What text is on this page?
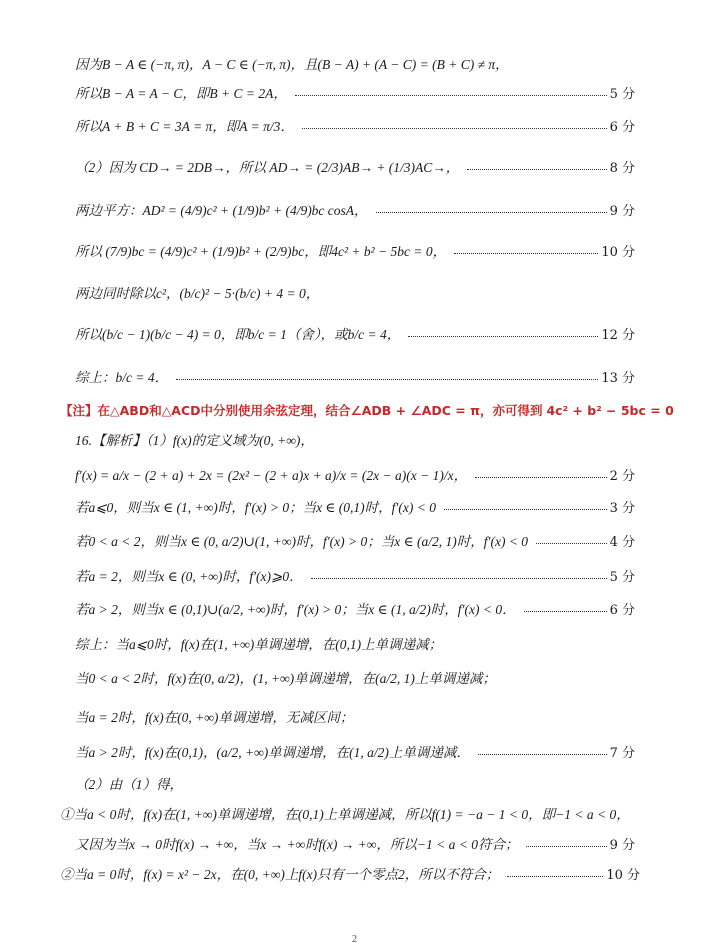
因为B − A ∈ (−π, π)，A − C ∈ (−π, π)，且(B − A) + (A − C) = (B + C) ≠ π，
所以B − A = A − C，即B + C = 2A，	5 分
所以A + B + C = 3A = π，即A = π/3．	6 分
（2）因为 CD→ = 2DB→，所以 AD→ = (2/3)AB→ + (1/3)AC→，	8 分
两边平方：AD² = (4/9)c² + (1/9)b² + (4/9)bc cosA，	9 分
所以 (7/9)bc = (4/9)c² + (1/9)b² + (2/9)bc，即4c² + b² − 5bc = 0，	10 分
两边同时除以c²，(b/c)² − 5·(b/c) + 4 = 0，
所以(b/c − 1)(b/c − 4) = 0，即b/c = 1（舍），或b/c = 4，	12 分
综上：b/c = 4．	13 分
【注】在△ABD和△ACD中分别使用余弦定理，结合∠ADB + ∠ADC = π，亦可得到 4c² + b² − 5bc = 0
16.【解析】（1）f(x)的定义域为(0, +∞)，
f′(x) = a/x − (2 + a) + 2x = (2x² − (2 + a)x + a)/x = (2x − a)(x − 1)/x，	2 分
若a⩽0，则当x ∈ (1, +∞)时，f′(x) > 0；当x ∈ (0,1)时，f′(x) < 0	3 分
若0 < a < 2，则当x ∈ (0, a/2)∪(1, +∞)时，f′(x) > 0；当x ∈ (a/2, 1)时，f′(x) < 0	4 分
若a = 2，则当x ∈ (0, +∞)时，f′(x)⩾0．	5 分
若a > 2，则当x ∈ (0,1)∪(a/2, +∞)时，f′(x) > 0；当x ∈ (1, a/2)时，f′(x) < 0．	6 分
综上：当a⩽0时，f(x)在(1, +∞)单调递增，在(0,1)上单调递减；
当0 < a < 2时，f(x)在(0, a/2)，(1, +∞)单调递增，在(a/2, 1)上单调递减；
当a = 2时，f(x)在(0, +∞)单调递增，无减区间；
当a > 2时，f(x)在(0,1)，(a/2, +∞)单调递增，在(1, a/2)上单调递减．	7 分
（2）由（1）得，
①当a < 0时，f(x)在(1, +∞)单调递增，在(0,1)上单调递减，所以f(1) = −a − 1 < 0，即−1 < a < 0，
又因为当x → 0时f(x) → +∞，当x → +∞时f(x) → +∞，所以−1 < a < 0符合；	9 分
②当a = 0时，f(x) = x² − 2x，在(0, +∞)上f(x)只有一个零点2，所以不符合；	10 分
2
